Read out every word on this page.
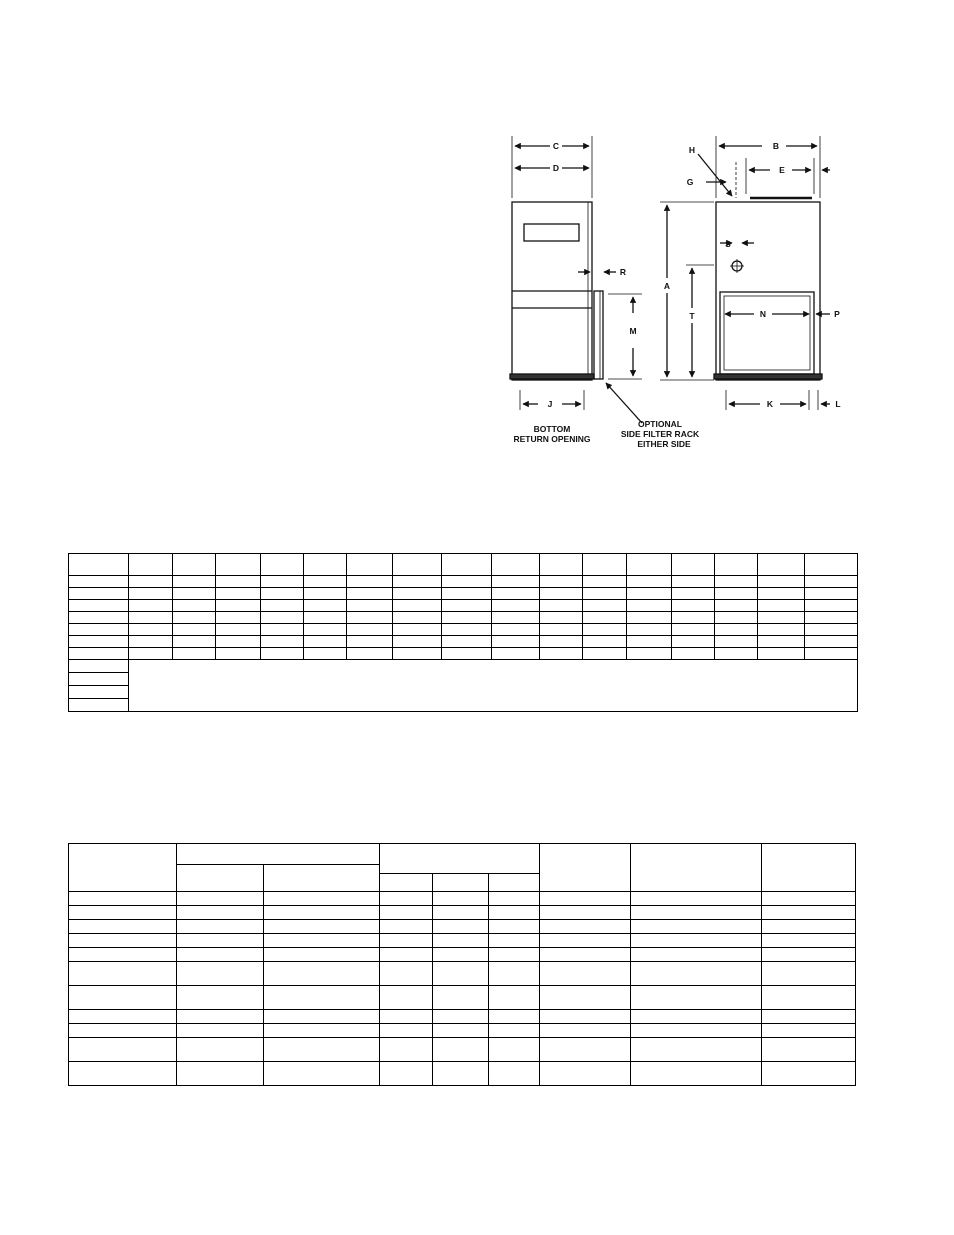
C
D
R
M
J
A
T
S
B
E
G
H
N	P
K	L
BOTTOM
RETURN OPENING
OPTIONAL
SIDE FILTER RACK
EITHER SIDE
